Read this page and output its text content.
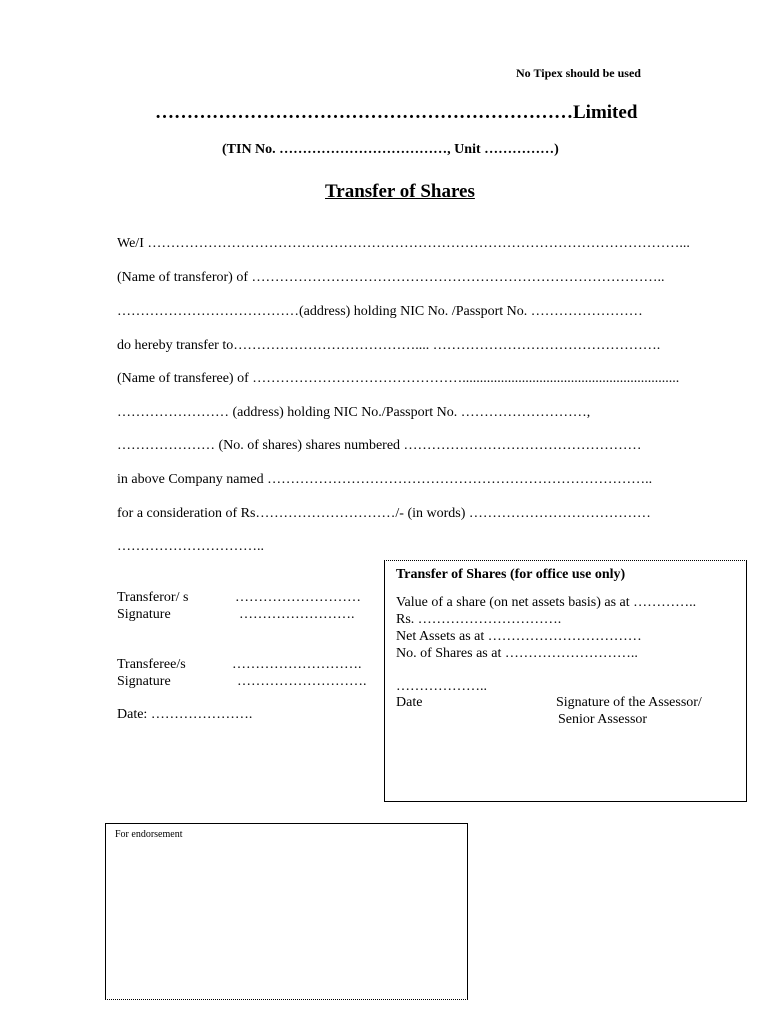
No Tipex should be used
…………………………………………………………Limited
(TIN No. ………………………………, Unit ……………)
Transfer of Shares
We/I ……………………………………………………………………………………………………...
(Name of transferor) of ……………………………………………………………………………..
…………………………………(address) holding NIC No. /Passport No. ……………………
do hereby transfer to………………………………….... ………………………………………….
(Name of transferee) of ………………………………………..............................................................
…………………… (address) holding NIC No./Passport No. ………………………,
………………… (No. of shares) shares numbered ……………………………………………
in above Company named ………………………………………………………………………..
for a consideration of Rs…………………………/- (in words) …………………………………
…………………………..
Transferor/ s
Signature
………………………
…………………….
Transferee/s
Signature
……………………….
……………………….
Date: ………………….
Transfer of Shares (for office use only)
Value of a share (on net assets basis) as at …………..
Rs. ………………………….
Net Assets as at ……………………………
No. of Shares as at ………………………..
………………..
Date	Signature of the Assessor/
Senior Assessor
For endorsement
